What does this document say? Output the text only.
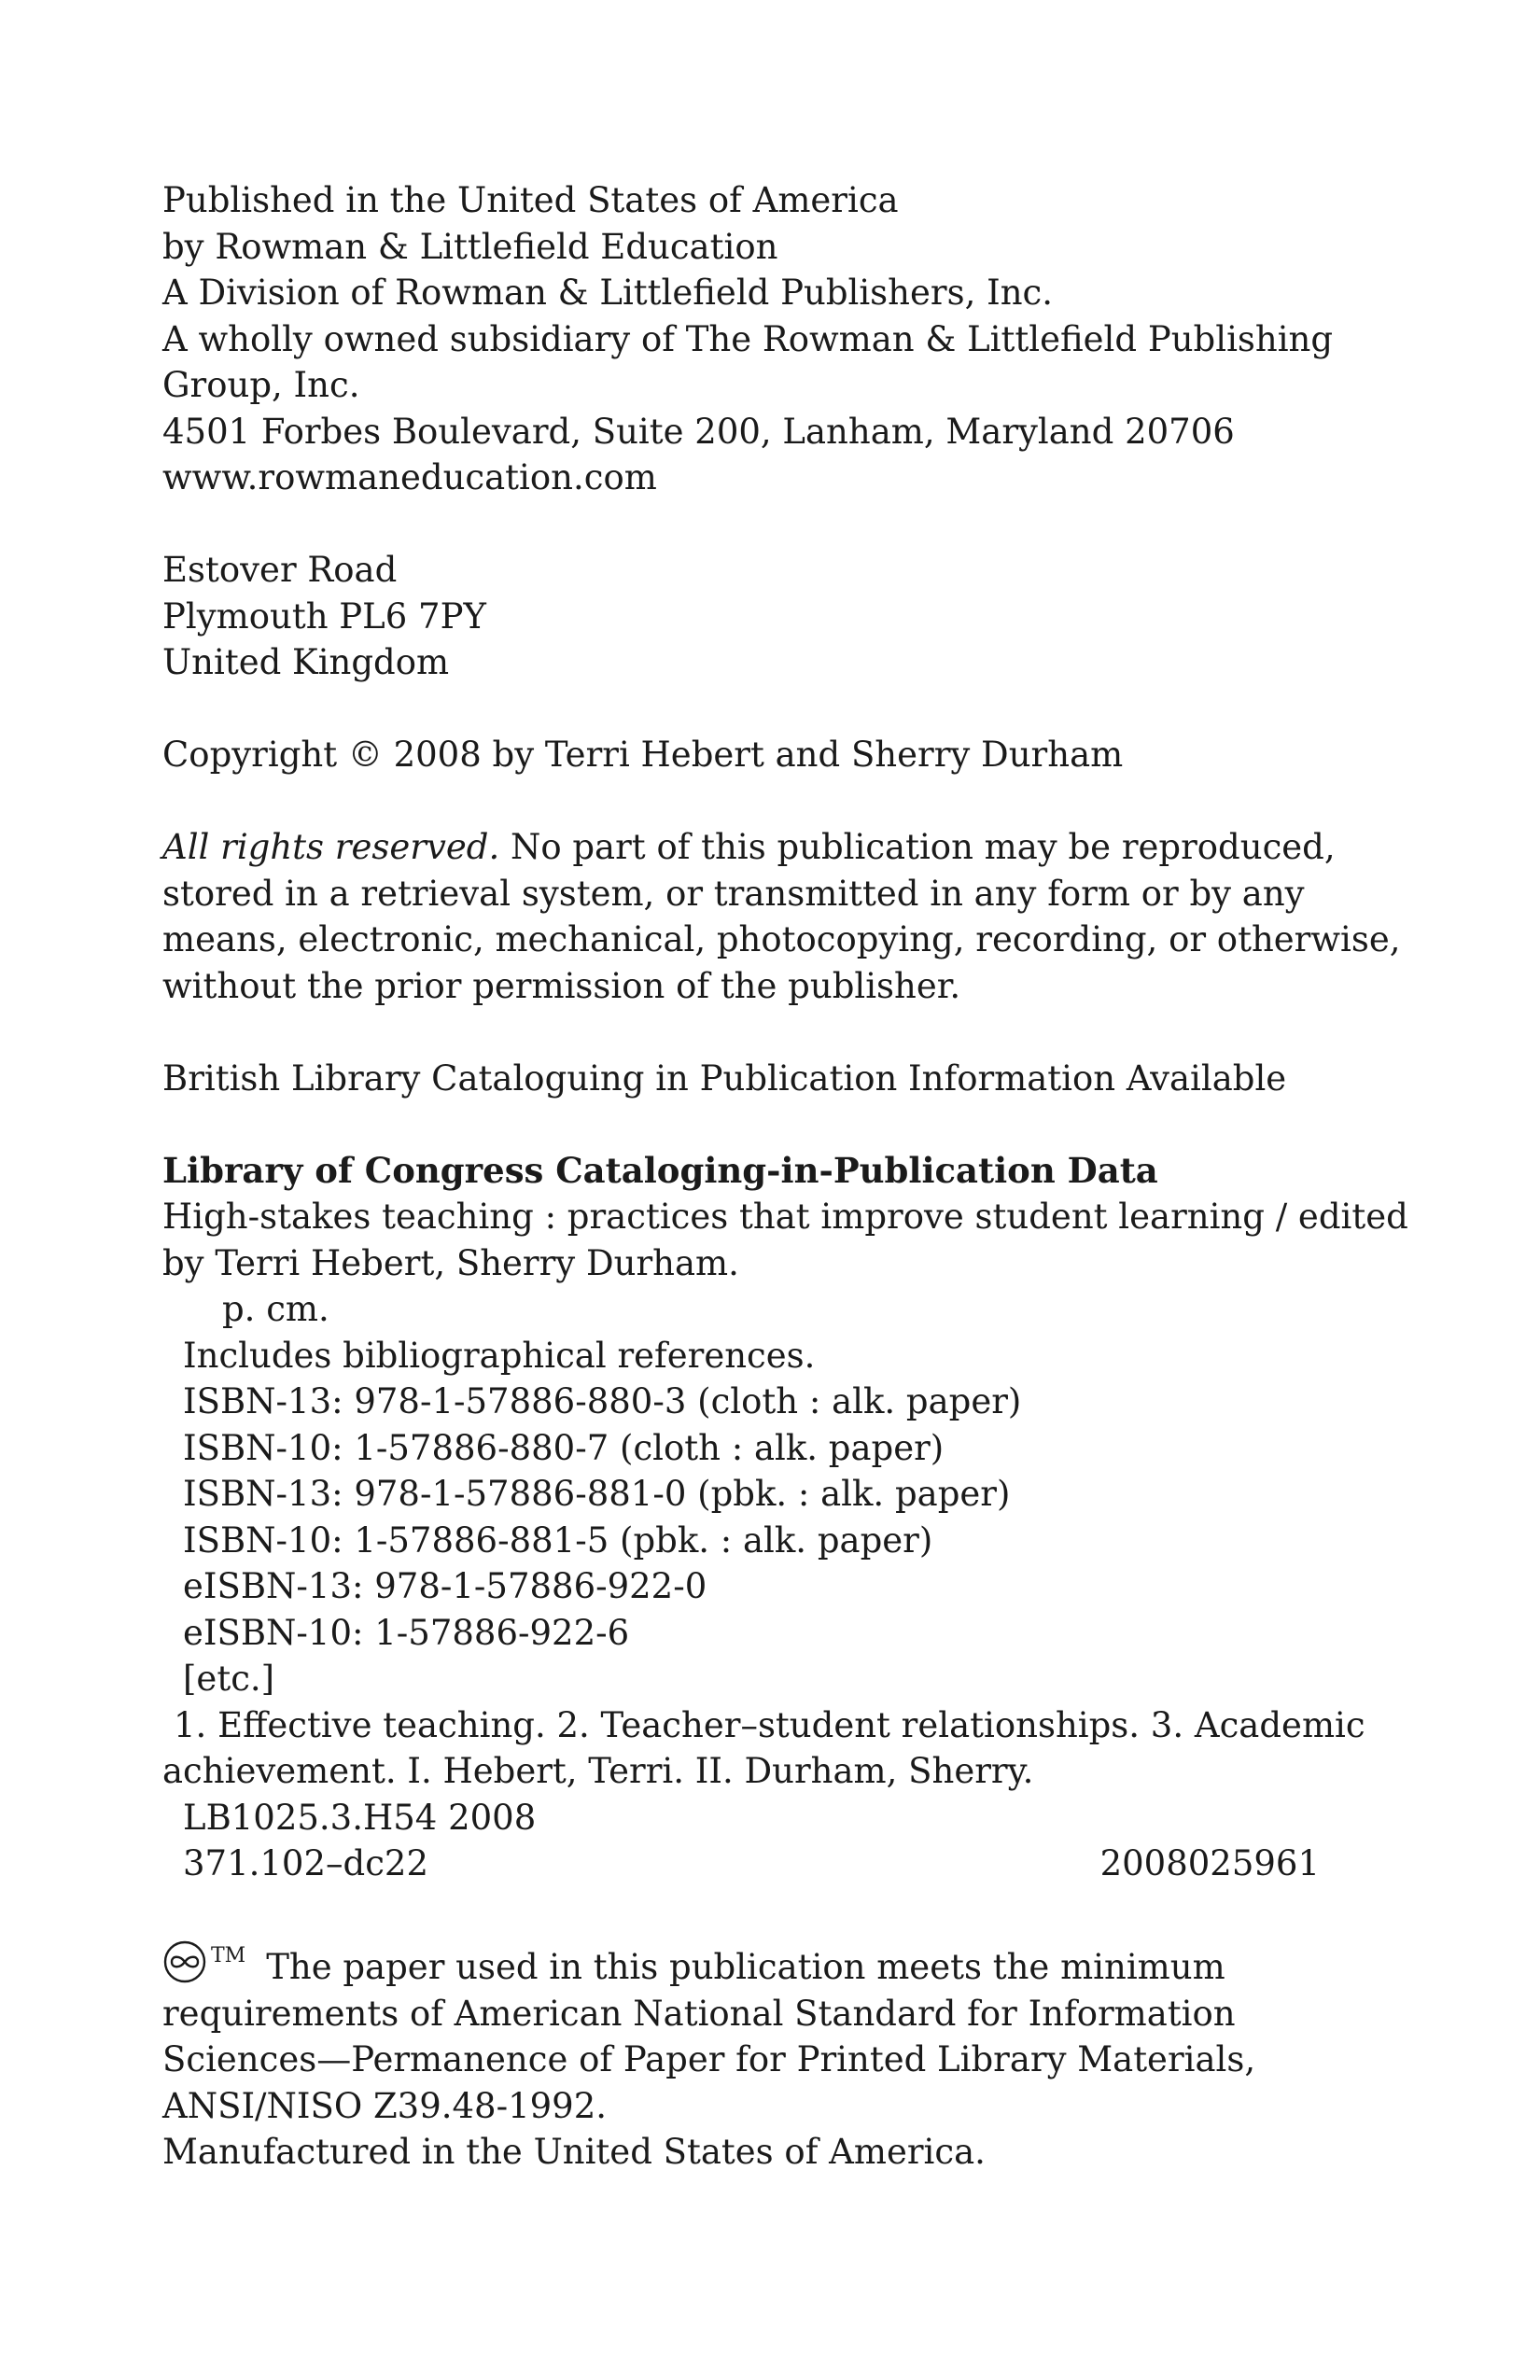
Published in the United States of America
by Rowman & Littlefield Education
A Division of Rowman & Littlefield Publishers, Inc.
A wholly owned subsidiary of The Rowman & Littlefield Publishing
Group, Inc.
4501 Forbes Boulevard, Suite 200, Lanham, Maryland 20706
www.rowmaneducation.com
Estover Road
Plymouth PL6 7PY
United Kingdom
Copyright © 2008 by Terri Hebert and Sherry Durham
All rights reserved. No part of this publication may be reproduced,
stored in a retrieval system, or transmitted in any form or by any
means, electronic, mechanical, photocopying, recording, or otherwise,
without the prior permission of the publisher.
British Library Cataloguing in Publication Information Available
Library of Congress Cataloging-in-Publication Data
High-stakes teaching : practices that improve student learning / edited
by Terri Hebert, Sherry Durham.
p. cm.
Includes bibliographical references.
ISBN-13: 978-1-57886-880-3 (cloth : alk. paper)
ISBN-10: 1-57886-880-7 (cloth : alk. paper)
ISBN-13: 978-1-57886-881-0 (pbk. : alk. paper)
ISBN-10: 1-57886-881-5 (pbk. : alk. paper)
eISBN-13: 978-1-57886-922-0
eISBN-10: 1-57886-922-6
[etc.]
1. Effective teaching. 2. Teacher–student relationships. 3. Academic
achievement. I. Hebert, Terri. II. Durham, Sherry.
LB1025.3.H54 2008
371.102–dc22	2008025961
™ The paper used in this publication meets the minimum
requirements of American National Standard for Information
Sciences—Permanence of Paper for Printed Library Materials,
ANSI/NISO Z39.48-1992.
Manufactured in the United States of America.
